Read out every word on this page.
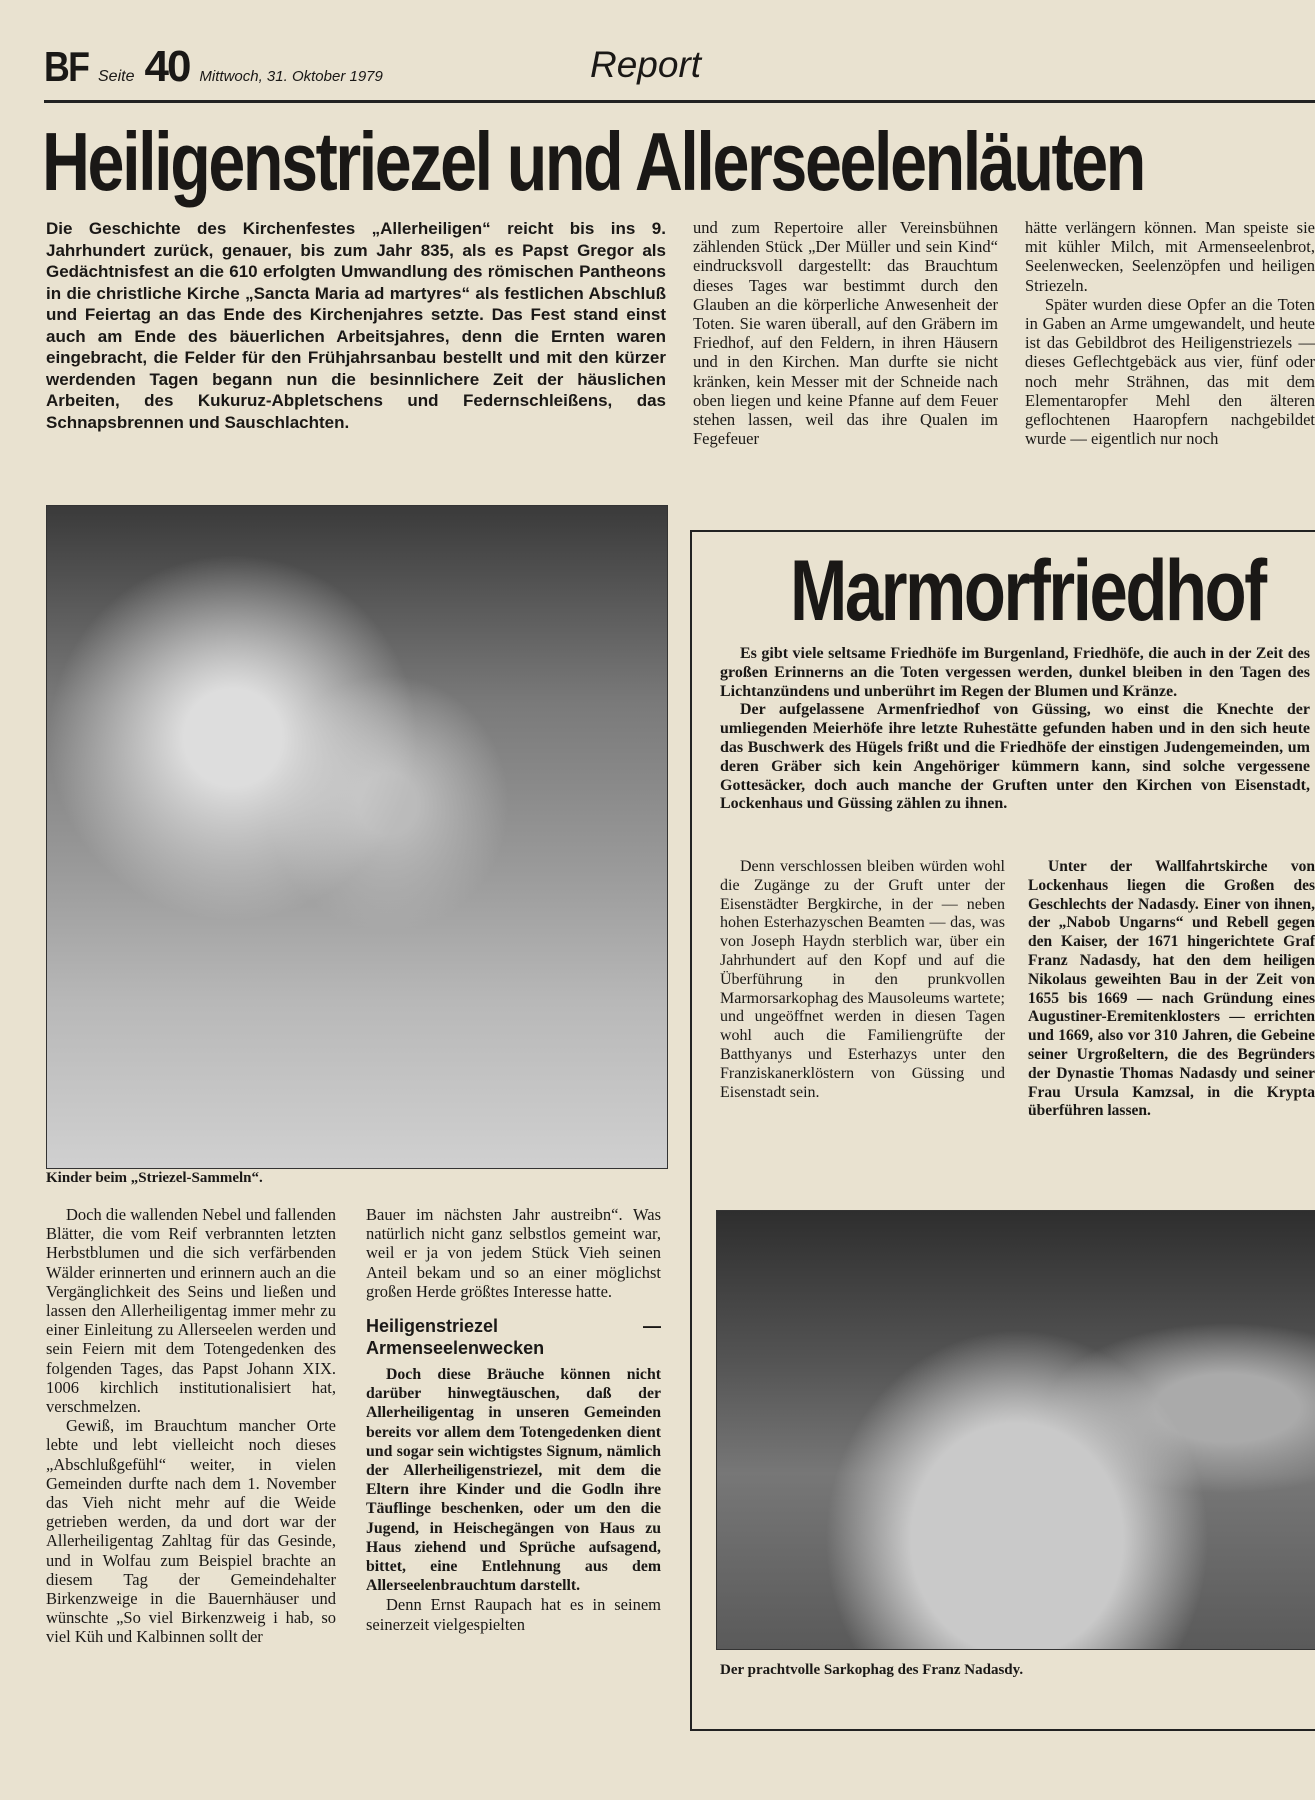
BF Seite 40 Mittwoch, 31. Oktober 1979	Report
Heiligenstriezel und Allerseelenläuten

Die Geschichte des Kirchenfestes „Allerheiligen“ reicht bis ins 9. Jahrhundert zurück, genauer, bis zum Jahr 835, als es Papst Gregor als Gedächtnisfest an die 610 erfolgten Umwandlung des römischen Pantheons in die christliche Kirche „Sancta Maria ad martyres“ als festlichen Abschluß und Feiertag an das Ende des Kirchenjahres setzte. Das Fest stand einst auch am Ende des bäuerlichen Arbeitsjahres, denn die Ernten waren eingebracht, die Felder für den Frühjahrsanbau bestellt und mit den kürzer werdenden Tagen begann nun die besinnlichere Zeit der häuslichen Arbeiten, des Kukuruz-Abpletschens und Federnschleißens, das Schnapsbrennen und Sauschlachten.

und zum Repertoire aller Vereinsbühnen zählenden Stück „Der Müller und sein Kind“ eindrucksvoll dargestellt: das Brauchtum dieses Tages war bestimmt durch den Glauben an die körperliche Anwesenheit der Toten. Sie waren überall, auf den Gräbern im Friedhof, auf den Feldern, in ihren Häusern und in den Kirchen. Man durfte sie nicht kränken, kein Messer mit der Schneide nach oben liegen und keine Pfanne auf dem Feuer stehen lassen, weil das ihre Qualen im Fegefeuer

hätte verlängern können. Man speiste sie mit kühler Milch, mit Armenseelenbrot, Seelenwecken, Seelenzöpfen und heiligen Striezeln.

Später wurden diese Opfer an die Toten in Gaben an Arme umgewandelt, und heute ist das Gebildbrot des Heiligenstriezels — dieses Geflechtgebäck aus vier, fünf oder noch mehr Strähnen, das mit dem Elementaropfer Mehl den älteren geflochtenen Haaropfern nachgebildet wurde — eigentlich nur noch

Kinder beim „Striezel-Sammeln“.

Doch die wallenden Nebel und fallenden Blätter, die vom Reif verbrannten letzten Herbstblumen und die sich verfärbenden Wälder erinnerten und erinnern auch an die Vergänglichkeit des Seins und ließen und lassen den Allerheiligentag immer mehr zu einer Einleitung zu Allerseelen werden und sein Feiern mit dem Totengedenken des folgenden Tages, das Papst Johann XIX. 1006 kirchlich institutionalisiert hat, verschmelzen.

Gewiß, im Brauchtum mancher Orte lebte und lebt vielleicht noch dieses „Abschlußgefühl“ weiter, in vielen Gemeinden durfte nach dem 1. November das Vieh nicht mehr auf die Weide getrieben werden, da und dort war der Allerheiligentag Zahltag für das Gesinde, und in Wolfau zum Beispiel brachte an diesem Tag der Gemeindehalter Birkenzweige in die Bauernhäuser und wünschte „So viel Birkenzweig i hab, so viel Küh und Kalbinnen sollt der

Bauer im nächsten Jahr austreibn“. Was natürlich nicht ganz selbstlos gemeint war, weil er ja von jedem Stück Vieh seinen Anteil bekam und so an einer möglichst großen Herde größtes Interesse hatte.

Heiligenstriezel — Armenseelenwecken

Doch diese Bräuche können nicht darüber hinwegtäuschen, daß der Allerheiligentag in unseren Gemeinden bereits vor allem dem Totengedenken dient und sogar sein wichtigstes Signum, nämlich der Allerheiligenstriezel, mit dem die Eltern ihre Kinder und die Godln ihre Täuflinge beschenken, oder um den die Jugend, in Heischegängen von Haus zu Haus ziehend und Sprüche aufsagend, bittet, eine Entlehnung aus dem Allerseelenbrauchtum darstellt.

Denn Ernst Raupach hat es in seinem seinerzeit vielgespielten

Marmorfriedhof

Es gibt viele seltsame Friedhöfe im Burgenland, Friedhöfe, die auch in der Zeit des großen Erinnerns an die Toten vergessen werden, dunkel bleiben in den Tagen des Lichtanzündens und unberührt im Regen der Blumen und Kränze.

Der aufgelassene Armenfriedhof von Güssing, wo einst die Knechte der umliegenden Meierhöfe ihre letzte Ruhestätte gefunden haben und in den sich heute das Buschwerk des Hügels frißt und die Friedhöfe der einstigen Judengemeinden, um deren Gräber sich kein Angehöriger kümmern kann, sind solche vergessene Gottesäcker, doch auch manche der Gruften unter den Kirchen von Eisenstadt, Lockenhaus und Güssing zählen zu ihnen.

Denn verschlossen bleiben würden wohl die Zugänge zu der Gruft unter der Eisenstädter Bergkirche, in der — neben hohen Esterhazyschen Beamten — das, was von Joseph Haydn sterblich war, über ein Jahrhundert auf den Kopf und auf die Überführung in den prunkvollen Marmorsarkophag des Mausoleums wartete; und ungeöffnet werden in diesen Tagen wohl auch die Familiengrüfte der Batthyanys und Esterhazys unter den Franziskanerklöstern von Güssing und Eisenstadt sein.

Unter der Wallfahrtskirche von Lockenhaus liegen die Großen des Geschlechts der Nadasdy. Einer von ihnen, der „Nabob Ungarns“ und Rebell gegen den Kaiser, der 1671 hingerichtete Graf Franz Nadasdy, hat den dem heiligen Nikolaus geweihten Bau in der Zeit von 1655 bis 1669 — nach Gründung eines Augustiner-Eremitenklosters — errichten und 1669, also vor 310 Jahren, die Gebeine seiner Urgroßeltern, die des Begründers der Dynastie Thomas Nadasdy und seiner Frau Ursula Kamzsal, in die Krypta überführen lassen.

Der prachtvolle Sarkophag des Franz Nadasdy.
